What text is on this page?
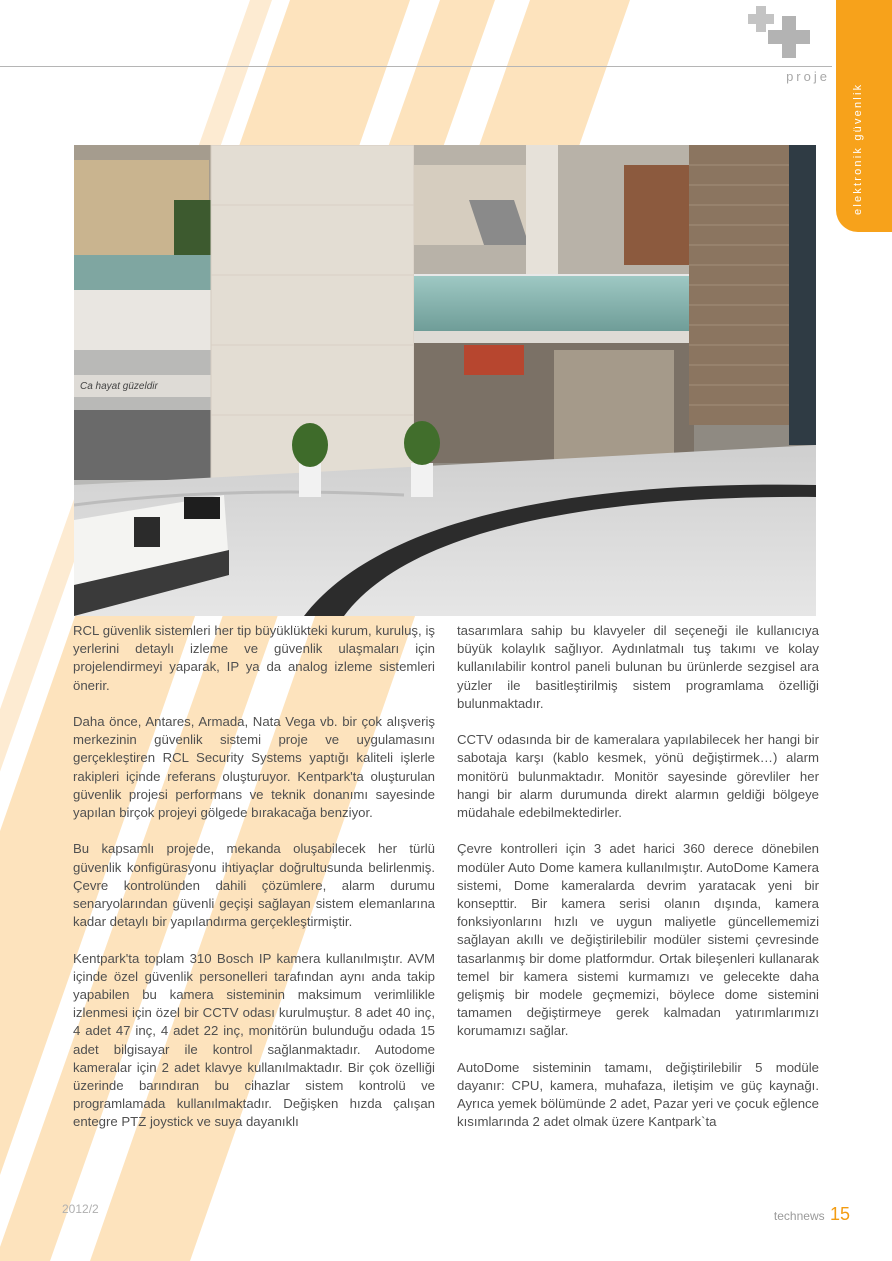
proje
elektronik güvenlik
Ca hayat güzeldir

RCL güvenlik sistemleri her tip büyüklükteki kurum, kuruluş, iş yerlerini detaylı izleme ve güvenlik ulaşmaları için projelendirmeyi yaparak, IP ya da analog izleme sistemleri önerir.

Daha önce, Antares, Armada, Nata Vega vb. bir çok alışveriş merkezinin güvenlik sistemi proje ve uygulamasını gerçekleştiren RCL Security Systems yaptığı kaliteli işlerle rakipleri içinde referans oluşturuyor. Kentpark'ta oluşturulan güvenlik projesi performans ve teknik donanımı sayesinde yapılan birçok projeyi gölgede bırakacağa benziyor.

Bu kapsamlı projede, mekanda oluşabilecek her türlü güvenlik konfigürasyonu ihtiyaçlar doğrultusunda belirlenmiş. Çevre kontrolünden dahili çözümlere, alarm durumu senaryolarından güvenli geçişi sağlayan sistem elemanlarına kadar detaylı bir yapılandırma gerçekleştirmiştir.

Kentpark'ta toplam 310 Bosch IP kamera kullanılmıştır. AVM içinde özel güvenlik personelleri tarafından aynı anda takip yapabilen bu kamera sisteminin maksimum verimlilikle izlenmesi için özel bir CCTV odası kurulmuştur. 8 adet 40 inç, 4 adet 47 inç, 4 adet 22 inç, monitörün bulunduğu odada 15 adet bilgisayar ile kontrol sağlanmaktadır. Autodome kameralar için 2 adet klavye kullanılmaktadır. Bir çok özelliği üzerinde barındıran bu cihazlar sistem kontrolü ve programlamada kullanılmaktadır. Değişken hızda çalışan entegre PTZ joystick ve suya dayanıklı

tasarımlara sahip bu klavyeler dil seçeneği ile kullanıcıya büyük kolaylık sağlıyor. Aydınlatmalı tuş takımı ve kolay kullanılabilir kontrol paneli bulunan bu ürünlerde sezgisel ara yüzler ile basitleştirilmiş sistem programlama özelliği bulunmaktadır.

CCTV odasında bir de kameralara yapılabilecek her hangi bir sabotaja karşı (kablo kesmek, yönü değiştirmek…) alarm monitörü bulunmaktadır. Monitör sayesinde görevliler her hangi bir alarm durumunda direkt alarmın geldiği bölgeye müdahale edebilmektedirler.

Çevre kontrolleri için 3 adet harici 360 derece dönebilen modüler Auto Dome kamera kullanılmıştır. AutoDome Kamera sistemi, Dome kameralarda devrim yaratacak yeni bir konsepttir. Bir kamera serisi olanın dışında, kamera fonksiyonlarını hızlı ve uygun maliyetle güncellememizi sağlayan akıllı ve değiştirilebilir modüler sistemi çevresinde tasarlanmış bir dome platformdur. Ortak bileşenleri kullanarak temel bir kamera sistemi kurmamızı ve gelecekte daha gelişmiş bir modele geçmemizi, böylece dome sistemini tamamen değiştirmeye gerek kalmadan yatırımlarımızı korumamızı sağlar.

AutoDome sisteminin tamamı, değiştirilebilir 5 modüle dayanır: CPU, kamera, muhafaza, iletişim ve güç kaynağı. Ayrıca yemek bölümünde 2 adet, Pazar yeri ve çocuk eğlence kısımlarında 2 adet olmak üzere Kantpark`ta

2012/2	technews 15
